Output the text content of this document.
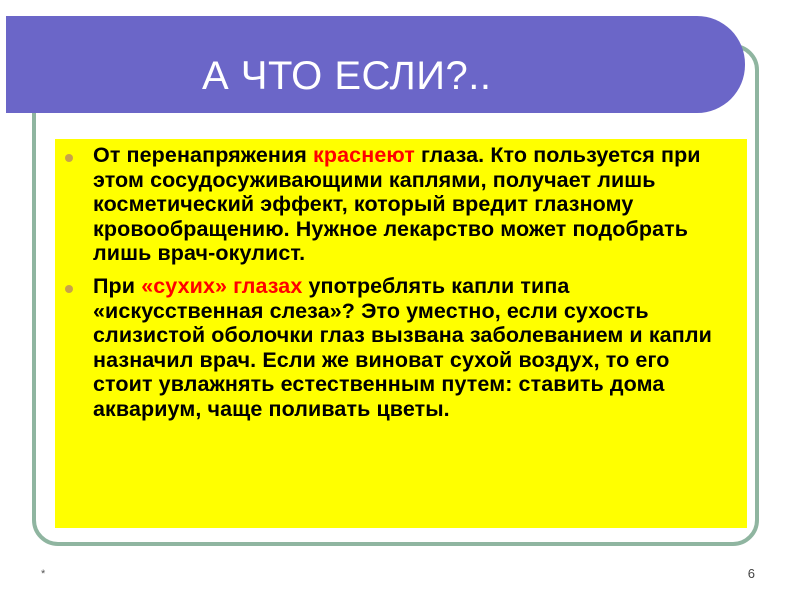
А ЧТО ЕСЛИ?..
От перенапряжения краснеют глаза. Кто пользуется при этом сосудосуживающими каплями, получает лишь косметический эффект, который вредит глазному кровообращению. Нужное лекарство может подобрать лишь врач-окулист.
При «сухих» глазах употреблять капли типа «искусственная слеза»? Это уместно, если сухость слизистой оболочки глаз вызвана заболеванием и капли назначил врач. Если же виноват сухой воздух, то его стоит увлажнять естественным путем: ставить дома аквариум, чаще поливать цветы.
*	6
